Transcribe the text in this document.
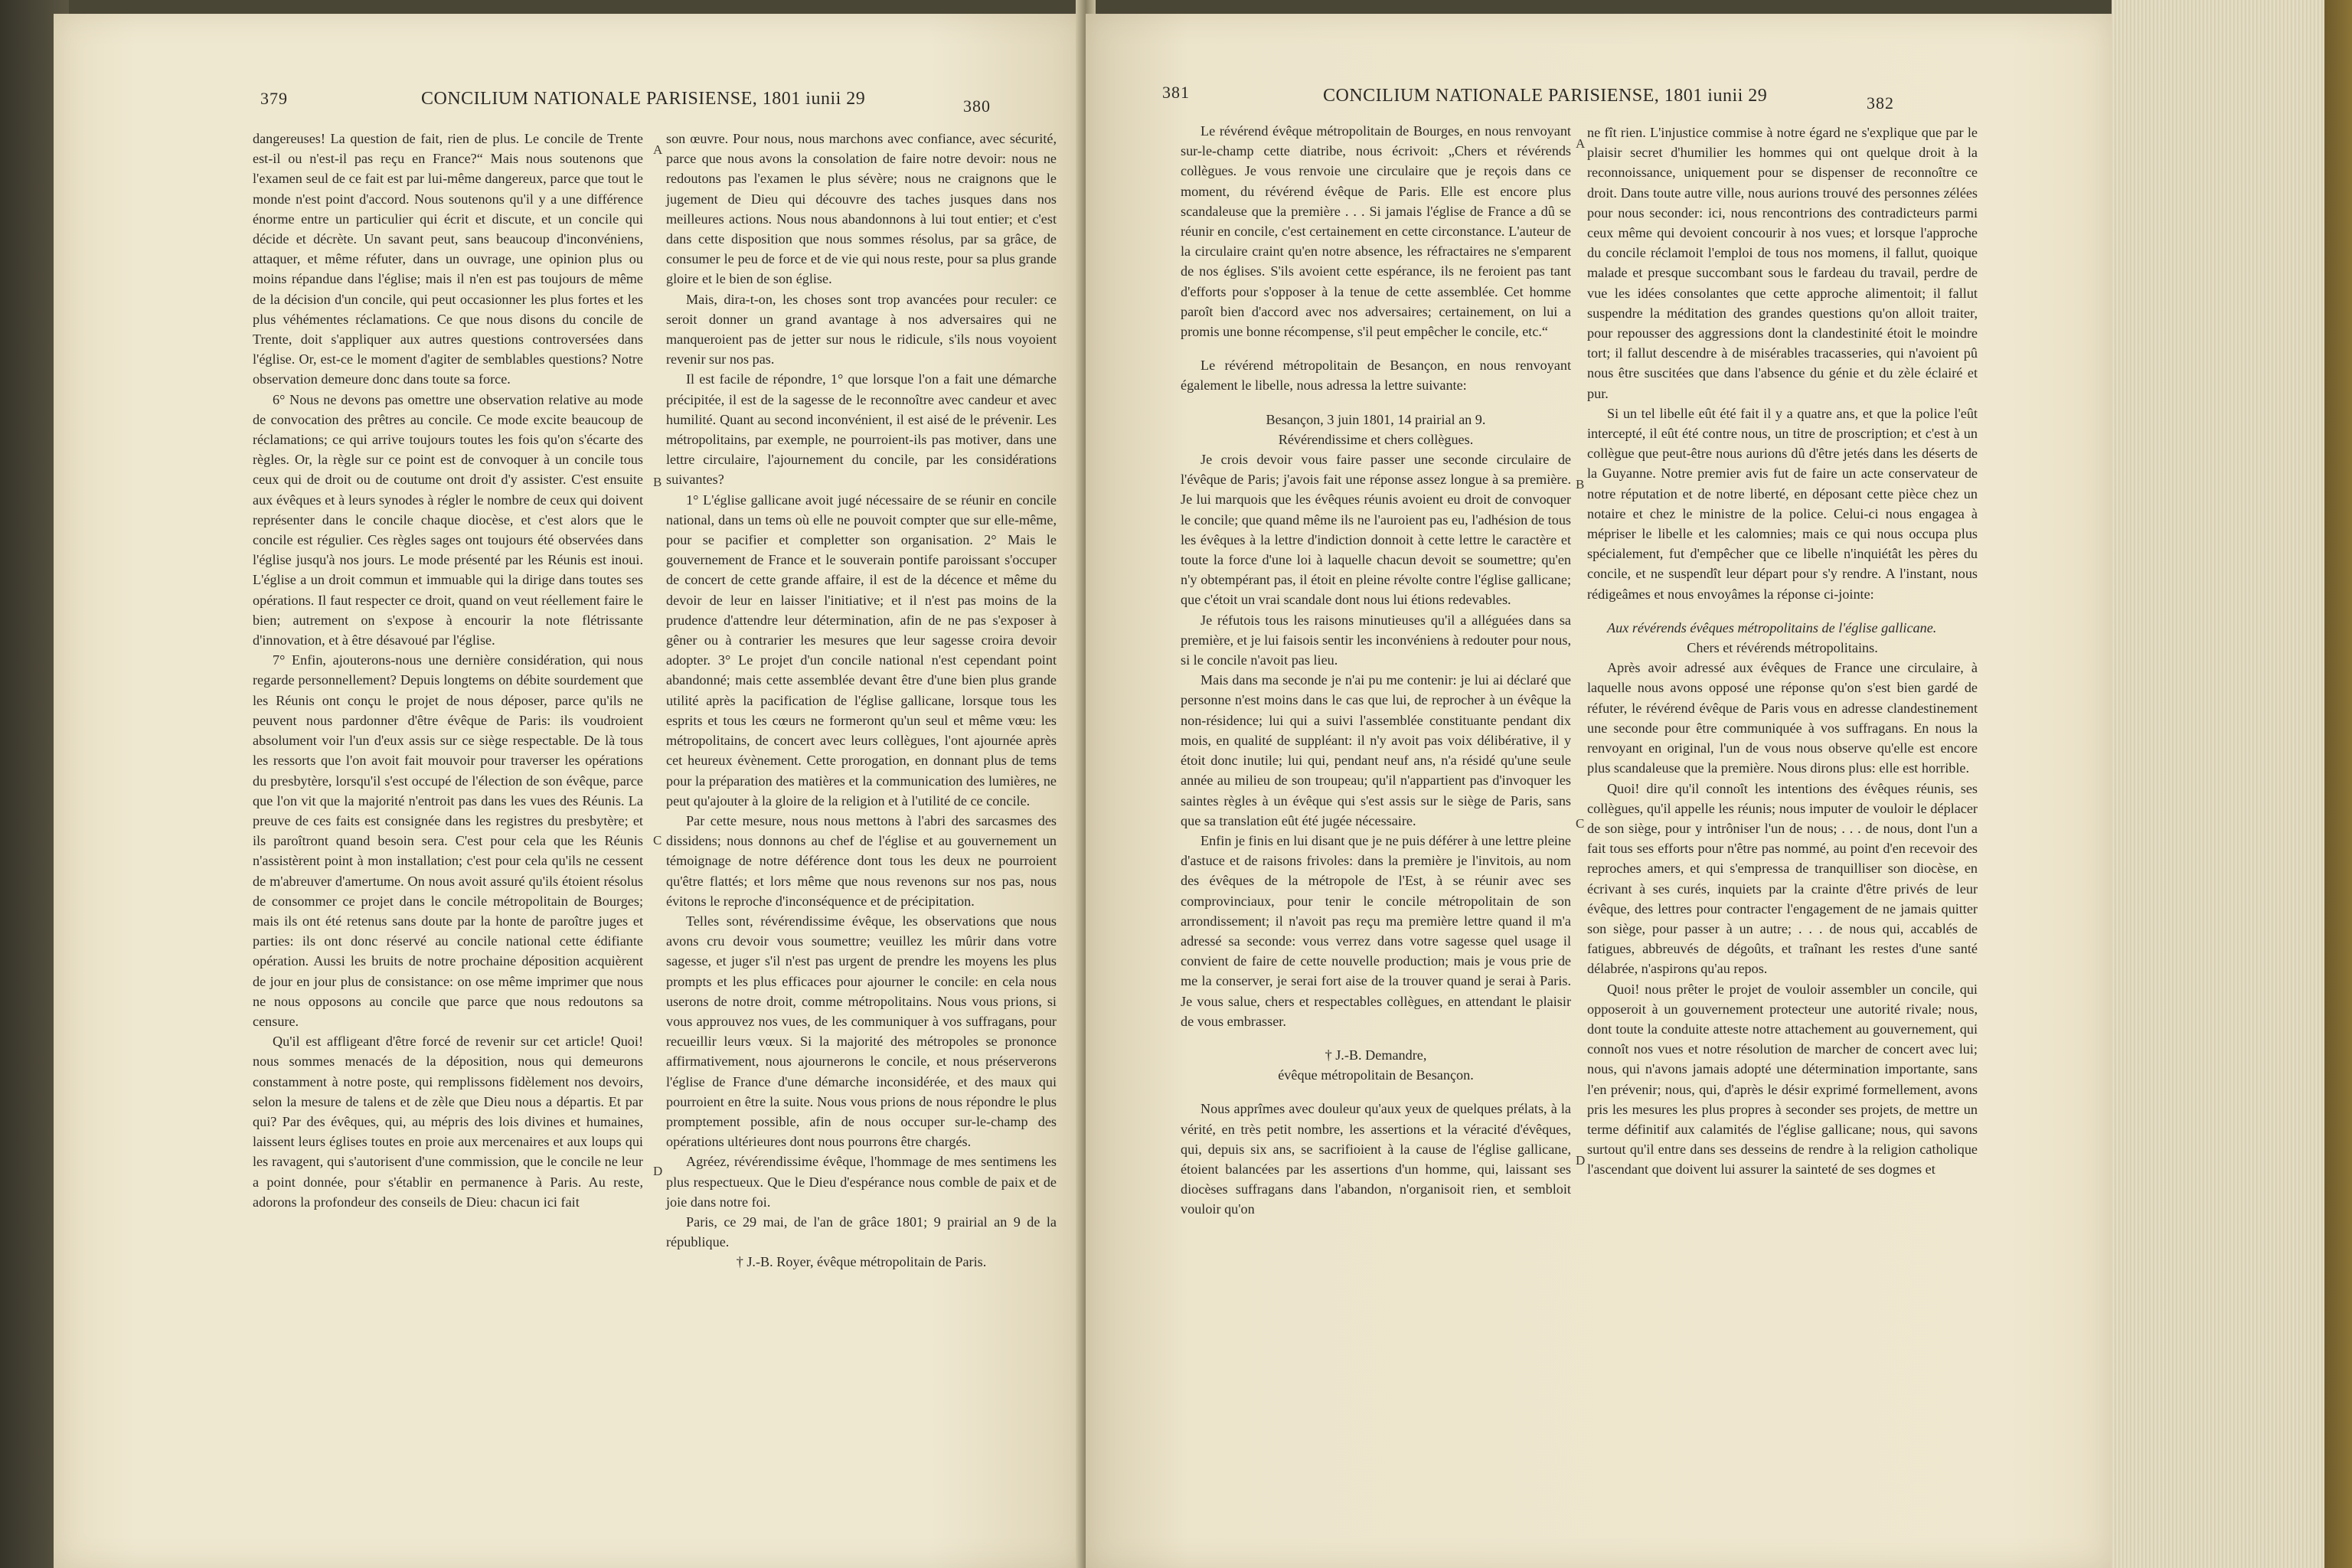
379	CONCILIUM NATIONALE PARISIENSE, 1801 iunii 29	380

dangereuses! La question de fait, rien de plus. Le concile de Trente est-il ou n'est-il pas reçu en France?“ Mais nous soutenons que l'examen seul de ce fait est par lui-même dangereux, parce que tout le monde n'est point d'accord. Nous soutenons qu'il y a une différence énorme entre un particulier qui écrit et discute, et un concile qui décide et décrète. Un savant peut, sans beaucoup d'inconvéniens, attaquer, et même réfuter, dans un ouvrage, une opinion plus ou moins répandue dans l'église; mais il n'en est pas toujours de même de la décision d'un concile, qui peut occasionner les plus fortes et les plus véhémentes réclamations. Ce que nous disons du concile de Trente, doit s'appliquer aux autres questions controversées dans l'église. Or, est-ce le moment d'agiter de semblables questions? Notre observation demeure donc dans toute sa force.

6° Nous ne devons pas omettre une observation relative au mode de convocation des prêtres au concile. Ce mode excite beaucoup de réclamations; ce qui arrive toujours toutes les fois qu'on s'écarte des règles. Or, la règle sur ce point est de convoquer à un concile tous ceux qui de droit ou de coutume ont droit d'y assister. C'est ensuite aux évêques et à leurs synodes à régler le nombre de ceux qui doivent représenter dans le concile chaque diocèse, et c'est alors que le concile est régulier. Ces règles sages ont toujours été observées dans l'église jusqu'à nos jours. Le mode présenté par les Réunis est inoui. L'église a un droit commun et immuable qui la dirige dans toutes ses opérations. Il faut respecter ce droit, quand on veut réellement faire le bien; autrement on s'expose à encourir la note flétrissante d'innovation, et à être désavoué par l'église.

7° Enfin, ajouterons-nous une dernière considération, qui nous regarde personnellement? Depuis longtems on débite sourdement que les Réunis ont conçu le projet de nous déposer, parce qu'ils ne peuvent nous pardonner d'être évêque de Paris: ils voudroient absolument voir l'un d'eux assis sur ce siège respectable. De là tous les ressorts que l'on avoit fait mouvoir pour traverser les opérations du presbytère, lorsqu'il s'est occupé de l'élection de son évêque, parce que l'on vit que la majorité n'entroit pas dans les vues des Réunis. La preuve de ces faits est consignée dans les registres du presbytère; et ils paroîtront quand besoin sera. C'est pour cela que les Réunis n'assistèrent point à mon installation; c'est pour cela qu'ils ne cessent de m'abreuver d'amertume. On nous avoit assuré qu'ils étoient résolus de consommer ce projet dans le concile métropolitain de Bourges; mais ils ont été retenus sans doute par la honte de paroître juges et parties: ils ont donc réservé au concile national cette édifiante opération. Aussi les bruits de notre prochaine déposition acquièrent de jour en jour plus de consistance: on ose même imprimer que nous ne nous opposons au concile que parce que nous redoutons sa censure.

Qu'il est affligeant d'être forcé de revenir sur cet article! Quoi! nous sommes menacés de la déposition, nous qui demeurons constamment à notre poste, qui remplissons fidèlement nos devoirs, selon la mesure de talens et de zèle que Dieu nous a départis. Et par qui? Par des évêques, qui, au mépris des lois divines et humaines, laissent leurs églises toutes en proie aux mercenaires et aux loups qui les ravagent, qui s'autorisent d'une commission, que le concile ne leur a point donnée, pour s'établir en permanence à Paris. Au reste, adorons la profondeur des conseils de Dieu: chacun ici fait

son œuvre. Pour nous, nous marchons avec confiance, avec sécurité, parce que nous avons la consolation de faire notre devoir: nous ne redoutons pas l'examen le plus sévère; nous ne craignons que le jugement de Dieu qui découvre des taches jusques dans nos meilleures actions. Nous nous abandonnons à lui tout entier; et c'est dans cette disposition que nous sommes résolus, par sa grâce, de consumer le peu de force et de vie qui nous reste, pour sa plus grande gloire et le bien de son église.

Mais, dira-t-on, les choses sont trop avancées pour reculer: ce seroit donner un grand avantage à nos adversaires qui ne manqueroient pas de jetter sur nous le ridicule, s'ils nous voyoient revenir sur nos pas.

Il est facile de répondre, 1° que lorsque l'on a fait une démarche précipitée, il est de la sagesse de le reconnoître avec candeur et avec humilité. Quant au second inconvénient, il est aisé de le prévenir. Les métropolitains, par exemple, ne pourroient-ils pas motiver, dans une lettre circulaire, l'ajournement du concile, par les considérations suivantes?

1° L'église gallicane avoit jugé nécessaire de se réunir en concile national, dans un tems où elle ne pouvoit compter que sur elle-même, pour se pacifier et completter son organisation. 2° Mais le gouvernement de France et le souverain pontife paroissant s'occuper de concert de cette grande affaire, il est de la décence et même du devoir de leur en laisser l'initiative; et il n'est pas moins de la prudence d'attendre leur détermination, afin de ne pas s'exposer à gêner ou à contrarier les mesures que leur sagesse croira devoir adopter. 3° Le projet d'un concile national n'est cependant point abandonné; mais cette assemblée devant être d'une bien plus grande utilité après la pacification de l'église gallicane, lorsque tous les esprits et tous les cœurs ne formeront qu'un seul et même vœu: les métropolitains, de concert avec leurs collègues, l'ont ajournée après cet heureux évènement. Cette prorogation, en donnant plus de tems pour la préparation des matières et la communication des lumières, ne peut qu'ajouter à la gloire de la religion et à l'utilité de ce concile.

Par cette mesure, nous nous mettons à l'abri des sarcasmes des dissidens; nous donnons au chef de l'église et au gouvernement un témoignage de notre déférence dont tous les deux ne pourroient qu'être flattés; et lors même que nous revenons sur nos pas, nous évitons le reproche d'inconséquence et de précipitation.

Telles sont, révérendissime évêque, les observations que nous avons cru devoir vous soumettre; veuillez les mûrir dans votre sagesse, et juger s'il n'est pas urgent de prendre les moyens les plus prompts et les plus efficaces pour ajourner le concile: en cela nous userons de notre droit, comme métropolitains. Nous vous prions, si vous approuvez nos vues, de les communiquer à vos suffragans, pour recueillir leurs vœux. Si la majorité des métropoles se prononce affirmativement, nous ajournerons le concile, et nous préserverons l'église de France d'une démarche inconsidérée, et des maux qui pourroient en être la suite. Nous vous prions de nous répondre le plus promptement possible, afin de nous occuper sur-le-champ des opérations ultérieures dont nous pourrons être chargés.

Agréez, révérendissime évêque, l'hommage de mes sentimens les plus respectueux. Que le Dieu d'espérance nous comble de paix et de joie dans notre foi.

Paris, ce 29 mai, de l'an de grâce 1801; 9 prairial an 9 de la république.

† J.-B. Royer, évêque métropolitain de Paris.

A
B
C
D
381	CONCILIUM NATIONALE PARISIENSE, 1801 iunii 29	382

Le révérend évêque métropolitain de Bourges, en nous renvoyant sur-le-champ cette diatribe, nous écrivoit: „Chers et révérends collègues. Je vous renvoie une circulaire que je reçois dans ce moment, du révérend évêque de Paris. Elle est encore plus scandaleuse que la première . . . Si jamais l'église de France a dû se réunir en concile, c'est certainement en cette circonstance. L'auteur de la circulaire craint qu'en notre absence, les réfractaires ne s'emparent de nos églises. S'ils avoient cette espérance, ils ne feroient pas tant d'efforts pour s'opposer à la tenue de cette assemblée. Cet homme paroît bien d'accord avec nos adversaires; certainement, on lui a promis une bonne récompense, s'il peut empêcher le concile, etc.“

Le révérend métropolitain de Besançon, en nous renvoyant également le libelle, nous adressa la lettre suivante:

Besançon, 3 juin 1801, 14 prairial an 9.

Révérendissime et chers collègues.

Je crois devoir vous faire passer une seconde circulaire de l'évêque de Paris; j'avois fait une réponse assez longue à sa première. Je lui marquois que les évêques réunis avoient eu droit de convoquer le concile; que quand même ils ne l'auroient pas eu, l'adhésion de tous les évêques à la lettre d'indiction donnoit à cette lettre le caractère et toute la force d'une loi à laquelle chacun devoit se soumettre; qu'en n'y obtempérant pas, il étoit en pleine révolte contre l'église gallicane; que c'étoit un vrai scandale dont nous lui étions redevables.

Je réfutois tous les raisons minutieuses qu'il a alléguées dans sa première, et je lui faisois sentir les inconvéniens à redouter pour nous, si le concile n'avoit pas lieu.

Mais dans ma seconde je n'ai pu me contenir: je lui ai déclaré que personne n'est moins dans le cas que lui, de reprocher à un évêque la non-résidence; lui qui a suivi l'assemblée constituante pendant dix mois, en qualité de suppléant: il n'y avoit pas voix délibérative, il y étoit donc inutile; lui qui, pendant neuf ans, n'a résidé qu'une seule année au milieu de son troupeau; qu'il n'appartient pas d'invoquer les saintes règles à un évêque qui s'est assis sur le siège de Paris, sans que sa translation eût été jugée nécessaire.

Enfin je finis en lui disant que je ne puis déférer à une lettre pleine d'astuce et de raisons frivoles: dans la première je l'invitois, au nom des évêques de la métropole de l'Est, à se réunir avec ses comprovinciaux, pour tenir le concile métropolitain de son arrondissement; il n'avoit pas reçu ma première lettre quand il m'a adressé sa seconde: vous verrez dans votre sagesse quel usage il convient de faire de cette nouvelle production; mais je vous prie de me la conserver, je serai fort aise de la trouver quand je serai à Paris. Je vous salue, chers et respectables collègues, en attendant le plaisir de vous embrasser.

† J.-B. Demandre,

évêque métropolitain de Besançon.

Nous apprîmes avec douleur qu'aux yeux de quelques prélats, à la vérité, en très petit nombre, les assertions et la véracité d'évêques, qui, depuis six ans, se sacrifioient à la cause de l'église gallicane, étoient balancées par les assertions d'un homme, qui, laissant ses diocèses suffragans dans l'abandon, n'organisoit rien, et sembloit vouloir qu'on

ne fît rien. L'injustice commise à notre égard ne s'explique que par le plaisir secret d'humilier les hommes qui ont quelque droit à la reconnoissance, uniquement pour se dispenser de reconnoître ce droit. Dans toute autre ville, nous aurions trouvé des personnes zélées pour nous seconder: ici, nous rencontrions des contradicteurs parmi ceux même qui devoient concourir à nos vues; et lorsque l'approche du concile réclamoit l'emploi de tous nos momens, il fallut, quoique malade et presque succombant sous le fardeau du travail, perdre de vue les idées consolantes que cette approche alimentoit; il fallut suspendre la méditation des grandes questions qu'on alloit traiter, pour repousser des aggressions dont la clandestinité étoit le moindre tort; il fallut descendre à de misérables tracasseries, qui n'avoient pû nous être suscitées que dans l'absence du génie et du zèle éclairé et pur.

Si un tel libelle eût été fait il y a quatre ans, et que la police l'eût intercepté, il eût été contre nous, un titre de proscription; et c'est à un collègue que peut-être nous aurions dû d'être jetés dans les déserts de la Guyanne. Notre premier avis fut de faire un acte conservateur de notre réputation et de notre liberté, en déposant cette pièce chez un notaire et chez le ministre de la police. Celui-ci nous engagea à mépriser le libelle et les calomnies; mais ce qui nous occupa plus spécialement, fut d'empêcher que ce libelle n'inquiétât les pères du concile, et ne suspendît leur départ pour s'y rendre. A l'instant, nous rédigeâmes et nous envoyâmes la réponse ci-jointe:

Aux révérends évêques métropolitains de l'église gallicane.

Chers et révérends métropolitains.

Après avoir adressé aux évêques de France une circulaire, à laquelle nous avons opposé une réponse qu'on s'est bien gardé de réfuter, le révérend évêque de Paris vous en adresse clandestinement une seconde pour être communiquée à vos suffragans. En nous la renvoyant en original, l'un de vous nous observe qu'elle est encore plus scandaleuse que la première. Nous dirons plus: elle est horrible.

Quoi! dire qu'il connoît les intentions des évêques réunis, ses collègues, qu'il appelle les réunis; nous imputer de vouloir le déplacer de son siège, pour y intrôniser l'un de nous; . . . de nous, dont l'un a fait tous ses efforts pour n'être pas nommé, au point d'en recevoir des reproches amers, et qui s'empressa de tranquilliser son diocèse, en écrivant à ses curés, inquiets par la crainte d'être privés de leur évêque, des lettres pour contracter l'engagement de ne jamais quitter son siège, pour passer à un autre; . . . de nous qui, accablés de fatigues, abbreuvés de dégoûts, et traînant les restes d'une santé délabrée, n'aspirons qu'au repos.

Quoi! nous prêter le projet de vouloir assembler un concile, qui opposeroit à un gouvernement protecteur une autorité rivale; nous, dont toute la conduite atteste notre attachement au gouvernement, qui connoît nos vues et notre résolution de marcher de concert avec lui; nous, qui n'avons jamais adopté une détermination importante, sans l'en prévenir; nous, qui, d'après le désir exprimé formellement, avons pris les mesures les plus propres à seconder ses projets, de mettre un terme définitif aux calamités de l'église gallicane; nous, qui savons surtout qu'il entre dans ses desseins de rendre à la religion catholique l'ascendant que doivent lui assurer la sainteté de ses dogmes et

A
B
C
D
